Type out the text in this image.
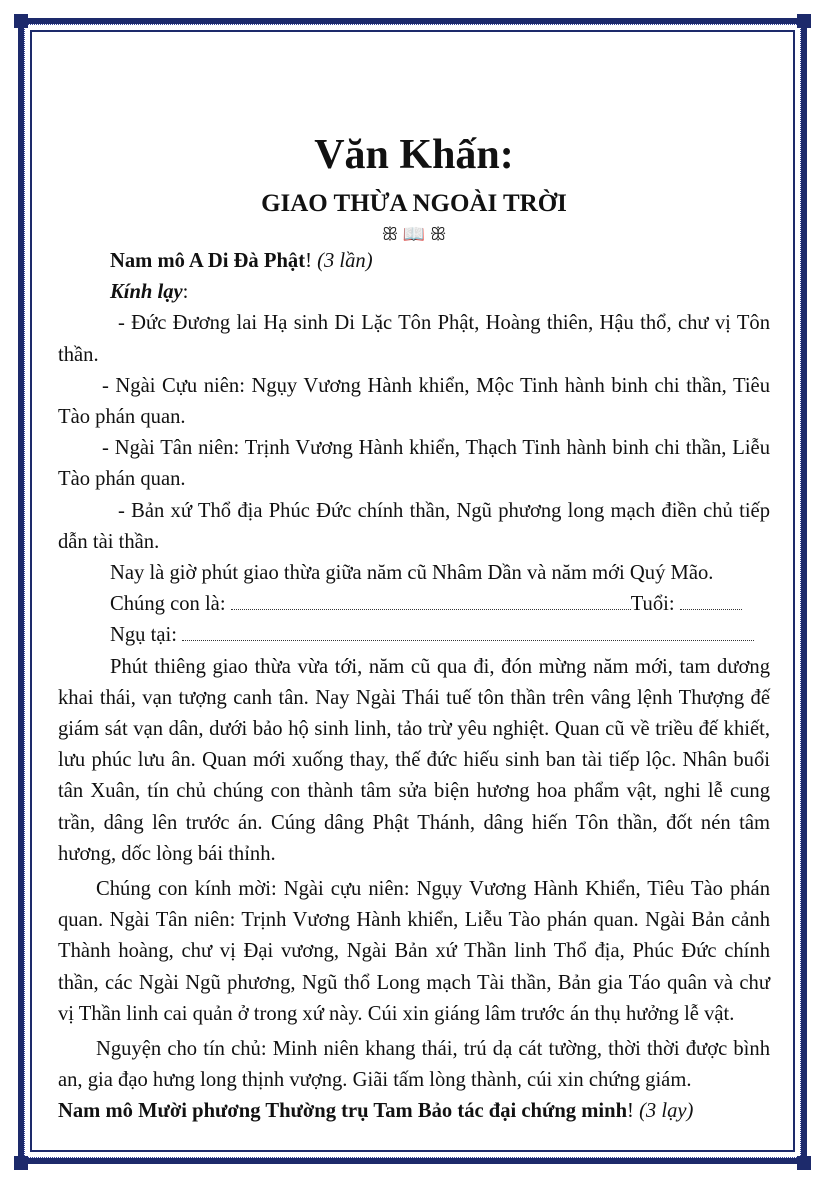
Văn Khấn:
GIAO THỪA NGOÀI TRỜI
ꕥ 📖 ꕥ

Nam mô A Di Đà Phật! (3 lần)

Kính lạy:

- Đức Đương lai Hạ sinh Di Lặc Tôn Phật, Hoàng thiên, Hậu thổ, chư vị Tôn thần.

- Ngài Cựu niên: Ngụy Vương Hành khiển, Mộc Tinh hành binh chi thần, Tiêu Tào phán quan.

- Ngài Tân niên: Trịnh Vương Hành khiển, Thạch Tinh hành binh chi thần, Liễu Tào phán quan.

- Bản xứ Thổ địa Phúc Đức chính thần, Ngũ phương long mạch điền chủ tiếp dẫn tài thần.

Nay là giờ phút giao thừa giữa năm cũ Nhâm Dần và năm mới Quý Mão.

Chúng con là:	Tuổi:

Ngụ tại:

Phút thiêng giao thừa vừa tới, năm cũ qua đi, đón mừng năm mới, tam dương khai thái, vạn tượng canh tân. Nay Ngài Thái tuế tôn thần trên vâng lệnh Thượng đế giám sát vạn dân, dưới bảo hộ sinh linh, tảo trừ yêu nghiệt. Quan cũ về triều đế khiết, lưu phúc lưu ân. Quan mới xuống thay, thế đức hiếu sinh ban tài tiếp lộc. Nhân buổi tân Xuân, tín chủ chúng con thành tâm sửa biện hương hoa phẩm vật, nghi lễ cung trần, dâng lên trước án. Cúng dâng Phật Thánh, dâng hiến Tôn thần, đốt nén tâm hương, dốc lòng bái thỉnh.

Chúng con kính mời: Ngài cựu niên: Ngụy Vương Hành Khiển, Tiêu Tào phán quan. Ngài Tân niên: Trịnh Vương Hành khiển, Liễu Tào phán quan. Ngài Bản cảnh Thành hoàng, chư vị Đại vương, Ngài Bản xứ Thần linh Thổ địa, Phúc Đức chính thần, các Ngài Ngũ phương, Ngũ thổ Long mạch Tài thần, Bản gia Táo quân và chư vị Thần linh cai quản ở trong xứ này. Cúi xin giáng lâm trước án thụ hưởng lễ vật.

Nguyện cho tín chủ: Minh niên khang thái, trú dạ cát tường, thời thời được bình an, gia đạo hưng long thịnh vượng. Giãi tấm lòng thành, cúi xin chứng giám.

Nam mô Mười phương Thường trụ Tam Bảo tác đại chứng minh! (3 lạy)
